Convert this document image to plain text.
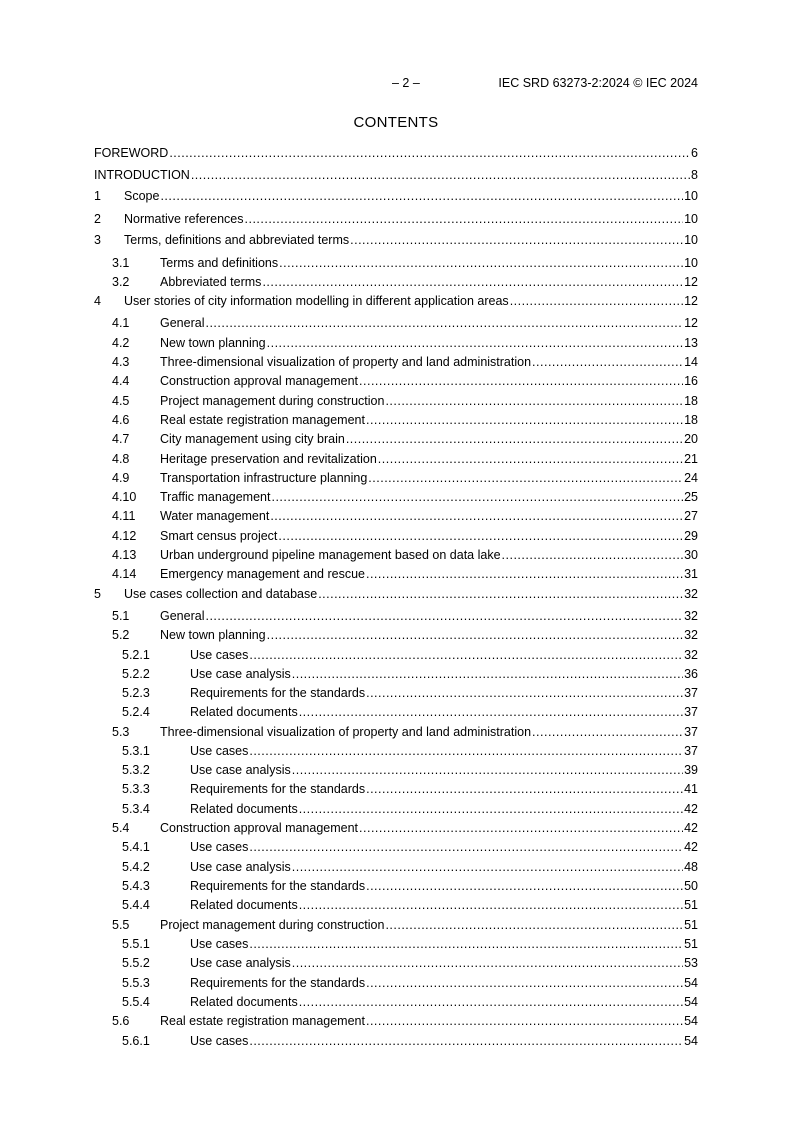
– 2 –	IEC SRD 63273-2:2024 © IEC 2024
CONTENTS
FOREWORD .....	6
INTRODUCTION .....	8
1	Scope .....	10
2	Normative references .....	10
3	Terms, definitions and abbreviated terms .....	10
3.1	Terms and definitions .....	10
3.2	Abbreviated terms .....	12
4	User stories of city information modelling in different application areas .....	12
4.1	General .....	12
4.2	New town planning .....	13
4.3	Three-dimensional visualization of property and land administration .....	14
4.4	Construction approval management .....	16
4.5	Project management during construction .....	18
4.6	Real estate registration management .....	18
4.7	City management using city brain .....	20
4.8	Heritage preservation and revitalization .....	21
4.9	Transportation infrastructure planning .....	24
4.10	Traffic management .....	25
4.11	Water management .....	27
4.12	Smart census project .....	29
4.13	Urban underground pipeline management based on data lake .....	30
4.14	Emergency management and rescue .....	31
5	Use cases collection and database .....	32
5.1	General .....	32
5.2	New town planning .....	32
5.2.1	Use cases .....	32
5.2.2	Use case analysis .....	36
5.2.3	Requirements for the standards .....	37
5.2.4	Related documents .....	37
5.3	Three-dimensional visualization of property and land administration .....	37
5.3.1	Use cases .....	37
5.3.2	Use case analysis .....	39
5.3.3	Requirements for the standards .....	41
5.3.4	Related documents .....	42
5.4	Construction approval management .....	42
5.4.1	Use cases .....	42
5.4.2	Use case analysis .....	48
5.4.3	Requirements for the standards .....	50
5.4.4	Related documents .....	51
5.5	Project management during construction .....	51
5.5.1	Use cases .....	51
5.5.2	Use case analysis .....	53
5.5.3	Requirements for the standards .....	54
5.5.4	Related documents .....	54
5.6	Real estate registration management .....	54
5.6.1	Use cases .....	54
